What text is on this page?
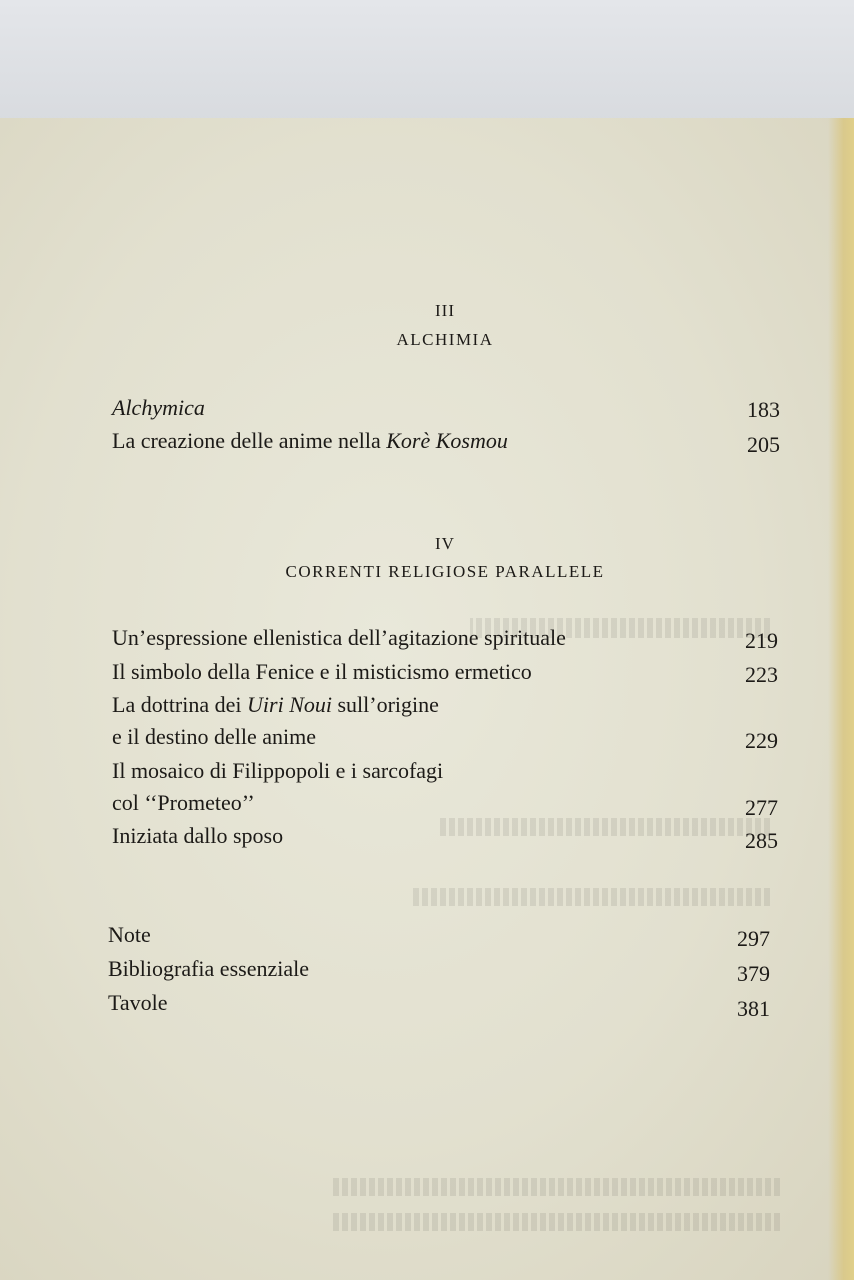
III
ALCHIMIA

Alchymica	183

La creazione delle anime nella Korè Kosmou	205

IV
CORRENTI RELIGIOSE PARALLELE

Un’espressione ellenistica dell’agitazione spirituale	219

Il simbolo della Fenice e il misticismo ermetico	223

La dottrina dei Uiri Noui sull’origine

e il destino delle anime	229

Il mosaico di Filippopoli e i sarcofagi

col ‘‘Prometeo’’	277

Iniziata dallo sposo	285

Note	297

Bibliografia essenziale	379

Tavole	381
